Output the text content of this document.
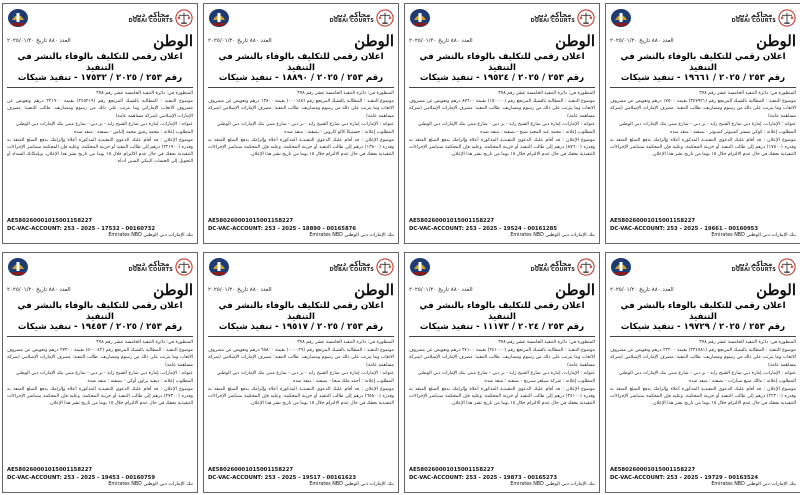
محاكم دبي
DUBAI COURTS
الوطن
العدد ٨٨٠ تاريخ ٢٠٢٥/٠١/٢٠
اعلان رقمي للتكليف بالوفاء بالنشر في التنفيذ
رقم ٢٥٣ / ٢٠٢٥ / ١٧٥٣٢ - تنفيذ شيكات

المنظورة في: دائرة التنفيذ الخامسة عشر رقم ٣٧٨

موضوع التنفيذ : المطالبة بالشيك المرتجع رقم (٢٤٥٢١٩) بقيمة ٢٢١٩٠٠ درهم وتعويض عن مصروف الاتعاب الإماراتي وما يترتب على ذلك من رسوم ومصاريف. طالب التنفيذ: مصرف الإمارات الإسلامي (شركة مساهمة عامة)

عنوانه : الإمارات، إمارة دبي شارع الشيخ زايد - بر دبي - شارع مبنى بنك الإمارات دبي الوطني

المطلوب إعلانه : محمد رفيق محمد إلياس - بصفته : منفذ ضده

موضوع الإعلان : قد أقام عليك الدعوى التنفيذية المذكورة أعلاه وإلزامك بدفع المبلغ المنفذ به وقدره (٢٢١٩٠٠) درهم إلى طالب التنفيذ أو خزينة المحكمة. وعليه فإن المحكمة ستباشر الإجراءات التنفيذية بحقك في حال عدم الالتزام خلال ١٥ يوما من تاريخ نشر هذا الإعلان، وبإمكانك السداد أو التحويل إلى الحساب البنكي المبين أدناه.

AE580260001015001158227
DC-VAC-ACCOUNT: 253 - 2025 - 17532 - 00160732
بنك الإمارات دبي الوطني Emirates NBD
محاكم دبي
DUBAI COURTS
الوطن
العدد ٨٨٠ تاريخ ٢٠٢٥/٠١/٢٠
اعلان رقمي للتكليف بالوفاء بالنشر في التنفيذ
رقم ٢٥٣ / ٢٠٢٥ / ١٨٨٩٠ - تنفيذ شيكات

المنظورة في: دائرة التنفيذ الخامسة عشر رقم ٣٧٨

موضوع التنفيذ : المطالبة بالشيك المرتجع رقم (٠٠٠١٤٥) بقيمة ١٣٨٠٠ درهم وتعويض عن مصروف الاتعاب وما يترتب على ذلك من رسوم ومصاريف. طالب التنفيذ: مصرف الإمارات الإسلامي (شركة مساهمة عامة)

عنوانه : الإمارات، إمارة دبي شارع الشيخ زايد - بر دبي - شارع مبنى بنك الإمارات دبي الوطني

المطلوب إعلانه : جستيكا كالو كاروبن - بصفته : منفذ ضده

موضوع الإعلان : قد أقام عليك الدعوى التنفيذية المذكورة أعلاه وإلزامك بدفع المبلغ المنفذ به وقدره (١٣٨٠٠) درهم إلى طالب التنفيذ أو خزينة المحكمة. وعليه فإن المحكمة ستباشر الإجراءات التنفيذية بحقك في حال عدم الالتزام خلال ١٥ يوما من تاريخ نشر هذا الإعلان.

AE580260001015001158227
DC-VAC-ACCOUNT: 253 - 2025 - 18890 - 00165876
بنك الإمارات دبي الوطني Emirates NBD
محاكم دبي
DUBAI COURTS
الوطن
العدد ٨٨٠ تاريخ ٢٠٢٥/٠١/٢٠
اعلان رقمي للتكليف بالوفاء بالنشر في التنفيذ
رقم ٢٥٣ / ٢٠٢٥ / ١٩٥٢٤ - تنفيذ شيكات

المنظورة في: دائرة التنفيذ الخامسة عشر رقم ٣٧٨

موضوع التنفيذ : المطالبة بالشيك المرتجع رقم (١٥٠٠٠٠) بقيمة ٨٧٦٠٠ درهم وتعويض عن مصروف الاتعاب وما يترتب على ذلك من رسوم ومصاريف. طالب التنفيذ: مصرف الإمارات الإسلامي (شركة مساهمة عامة)

عنوانه : الإمارات، إمارة دبي شارع الشيخ زايد - بر دبي - شارع مبنى بنك الإمارات دبي الوطني

المطلوب إعلانه : محمد عبد المجيد شيخ - بصفته : منفذ ضده

موضوع الإعلان : قد أقام عليك الدعوى التنفيذية المذكورة أعلاه وإلزامك بدفع المبلغ المنفذ به وقدره (٨٧٦٠٠) درهم إلى طالب التنفيذ أو خزينة المحكمة. وعليه فإن المحكمة ستباشر الإجراءات التنفيذية بحقك في حال عدم الالتزام خلال ١٥ يوما من تاريخ نشر هذا الإعلان.

AE580260001015001158227
DC-VAC-ACCOUNT: 253 - 2025 - 19524 - 00161285
بنك الإمارات دبي الوطني Emirates NBD
محاكم دبي
DUBAI COURTS
الوطن
العدد ٨٨٠ تاريخ ٢٠٢٥/٠١/٢٠
اعلان رقمي للتكليف بالوفاء بالنشر في التنفيذ
رقم ٢٥٣ / ٢٠٢٥ / ١٩٦٦١ - تنفيذ شيكات

المنظورة في: دائرة التنفيذ الخامسة عشر رقم ٣٧٨

موضوع التنفيذ : المطالبة بالشيك المرتجع رقم (٣٤٧٩٢١) بقيمة ١٧٥٠٠ درهم وتعويض عن مصروف الاتعاب وما يترتب على ذلك من رسوم ومصاريف. طالب التنفيذ: مصرف الإمارات الإسلامي (شركة مساهمة عامة)

عنوانه : الإمارات، إمارة دبي شارع الشيخ زايد - بر دبي - شارع مبنى بنك الإمارات دبي الوطني

المطلوب إعلانه : كوكي مستر كمبيوتر كمبيوتر - بصفته : منفذ ضده

موضوع الإعلان : قد أقام عليك الدعوى التنفيذية المذكورة أعلاه وإلزامك بدفع المبلغ المنفذ به وقدره (١٧٥٠٠) درهم إلى طالب التنفيذ أو خزينة المحكمة. وعليه فإن المحكمة ستباشر الإجراءات التنفيذية بحقك في حال عدم الالتزام خلال ١٥ يوما من تاريخ نشر هذا الإعلان.

AE580260001015001158227
DC-VAC-ACCOUNT: 253 - 2025 - 19661 - 00160953
بنك الإمارات دبي الوطني Emirates NBD
محاكم دبي
DUBAI COURTS
الوطن
العدد ٨٨٠ تاريخ ٢٠٢٥/٠١/٢٠
اعلان رقمي للتكليف بالوفاء بالنشر في التنفيذ
رقم ٢٥٣ / ٢٠٢٥ / ١٩٤٥٣ - تنفيذ شيكات

المنظورة في: دائرة التنفيذ الخامسة عشر رقم ٣٧٨

موضوع التنفيذ : المطالبة بالشيك المرتجع رقم (٥٠٠٠٤٢) بقيمة ٢٧٣٠٠ درهم وتعويض عن مصروف الاتعاب وما يترتب على ذلك من رسوم ومصاريف. طالب التنفيذ: مصرف الإمارات الإسلامي (شركة مساهمة عامة)

عنوانه : الإمارات، إمارة دبي شارع الشيخ زايد - بر دبي - شارع مبنى بنك الإمارات دبي الوطني

المطلوب إعلانه : ديفيد براون أوكي - بصفته : منفذ ضده

موضوع الإعلان : قد أقام عليك الدعوى التنفيذية المذكورة أعلاه وإلزامك بدفع المبلغ المنفذ به وقدره (٢٧٣٠٠) درهم إلى طالب التنفيذ أو خزينة المحكمة. وعليه فإن المحكمة ستباشر الإجراءات التنفيذية بحقك في حال عدم الالتزام خلال ١٥ يوما من تاريخ نشر هذا الإعلان.

AE580260001015001158227
DC-VAC-ACCOUNT: 253 - 2025 - 19453 - 00160759
بنك الإمارات دبي الوطني Emirates NBD
محاكم دبي
DUBAI COURTS
الوطن
العدد ٨٨٠ تاريخ ٢٠٢٥/٠١/٢٠
اعلان رقمي للتكليف بالوفاء بالنشر في التنفيذ
رقم ٢٥٣ / ٢٠٢٥ / ١٩٥١٧ - تنفيذ شيكات

المنظورة في: دائرة التنفيذ الخامسة عشر رقم ٣٧٨

موضوع التنفيذ : المطالبة بالشيك المرتجع رقم (٠٠٠٠٢٩) بقيمة ٦٥٨٠٠ درهم وتعويض عن مصروف الاتعاب وما يترتب على ذلك من رسوم ومصاريف. طالب التنفيذ: مصرف الإمارات الإسلامي (شركة مساهمة عامة)

عنوانه : الإمارات، إمارة دبي شارع الشيخ زايد - بر دبي - شارع مبنى بنك الإمارات دبي الوطني

المطلوب إعلانه : أحمد ملك ميجا - بصفته : منفذ ضده

موضوع الإعلان : قد أقام عليك الدعوى التنفيذية المذكورة أعلاه وإلزامك بدفع المبلغ المنفذ به وقدره (٦٥٨٠٠) درهم إلى طالب التنفيذ أو خزينة المحكمة. وعليه فإن المحكمة ستباشر الإجراءات التنفيذية بحقك في حال عدم الالتزام خلال ١٥ يوما من تاريخ نشر هذا الإعلان.

AE580260001015001158227
DC-VAC-ACCOUNT: 253 - 2025 - 19517 - 00161623
بنك الإمارات دبي الوطني Emirates NBD
محاكم دبي
DUBAI COURTS
الوطن
العدد ٨٨٠ تاريخ ٢٠٢٥/٠١/٢٠
اعلان رقمي للتكليف بالوفاء بالنشر في التنفيذ
رقم ٢٥٣ / ٢٠٢٤ / ١١١٧٣ - تنفيذ شيكات

المنظورة في: دائرة التنفيذ الخامسة عشر رقم ٣٧٨

موضوع التنفيذ : المطالبة بالشيك المرتجع رقم (٢٤١٠٠٠) بقيمة ٣٤١٠٠ درهم وتعويض عن مصروف الاتعاب وما يترتب على ذلك من رسوم ومصاريف. طالب التنفيذ: مصرف الإمارات الإسلامي (شركة مساهمة عامة)

عنوانه : الإمارات، إمارة دبي شارع الشيخ زايد - بر دبي - شارع مبنى بنك الإمارات دبي الوطني

المطلوب إعلانه : شركة سيلفر سبرنج - بصفته : منفذ ضده

موضوع الإعلان : قد أقام عليك الدعوى التنفيذية المذكورة أعلاه وإلزامك بدفع المبلغ المنفذ به وقدره (٣٤١٠٠) درهم إلى طالب التنفيذ أو خزينة المحكمة. وعليه فإن المحكمة ستباشر الإجراءات التنفيذية بحقك في حال عدم الالتزام خلال ١٥ يوما من تاريخ نشر هذا الإعلان.

AE580260001015001158227
DC-VAC-ACCOUNT: 253 - 2025 - 19873 - 00165273
بنك الإمارات دبي الوطني Emirates NBD
محاكم دبي
DUBAI COURTS
الوطن
العدد ٨٨٠ تاريخ ٢٠٢٥/٠١/٢٠
اعلان رقمي للتكليف بالوفاء بالنشر في التنفيذ
رقم ٢٥٣ / ٢٠٢٥ / ١٩٧٢٩ - تنفيذ شيكات

المنظورة في: دائرة التنفيذ الخامسة عشر رقم ٣٧٨

موضوع التنفيذ : المطالبة بالشيك المرتجع رقم (٢٣٤٧٨١) بقيمة ٢٢٢٠٠ درهم وتعويض عن مصروف الاتعاب وما يترتب على ذلك من رسوم ومصاريف. طالب التنفيذ: مصرف الإمارات الإسلامي (شركة مساهمة عامة)

عنوانه : الإمارات، إمارة دبي شارع الشيخ زايد - بر دبي - شارع مبنى بنك الإمارات دبي الوطني

المطلوب إعلانه : مالك مبيع سيارات - بصفته : منفذ ضده

موضوع الإعلان : قد أقام عليك الدعوى التنفيذية المذكورة أعلاه وإلزامك بدفع المبلغ المنفذ به وقدره (٢٢٢٠٠) درهم إلى طالب التنفيذ أو خزينة المحكمة. وعليه فإن المحكمة ستباشر الإجراءات التنفيذية بحقك في حال عدم الالتزام خلال ١٥ يوما من تاريخ نشر هذا الإعلان.

AE580260001015001158227
DC-VAC-ACCOUNT: 253 - 2025 - 19729 - 00163524
بنك الإمارات دبي الوطني Emirates NBD
